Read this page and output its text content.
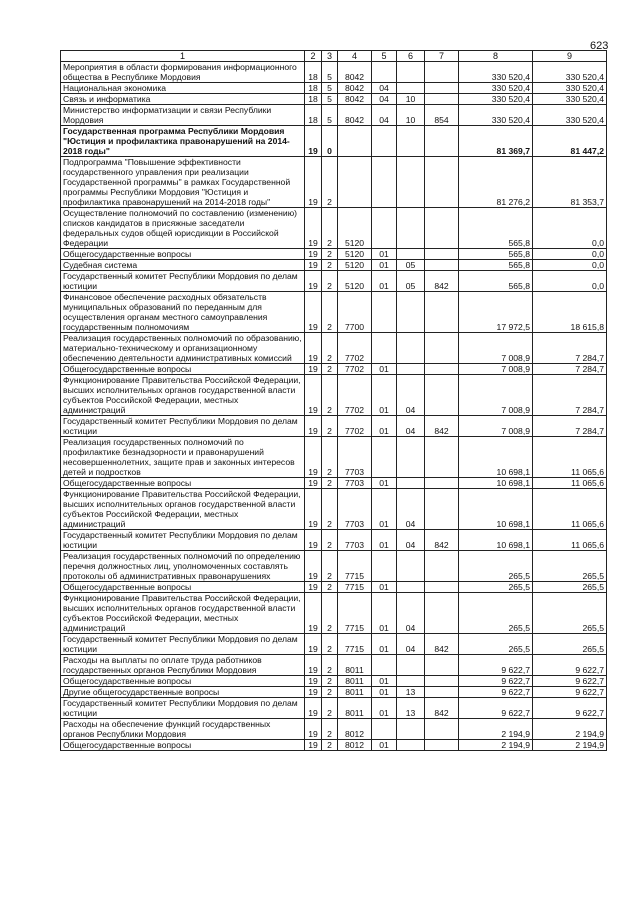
623
1	2	3	4	5	6	7	8	9
Мероприятия в области формирования информационного общества в Республике Мордовия	18	5	8042				330 520,4	330 520,4
Национальная экономика	18	5	8042	04			330 520,4	330 520,4
Связь и информатика	18	5	8042	04	10		330 520,4	330 520,4
Министерство информатизации и связи Республики Мордовия	18	5	8042	04	10	854	330 520,4	330 520,4
Государственная программа Республики Мордовия "Юстиция и профилактика правонарушений на 2014-2018 годы"	19	0					81 369,7	81 447,2
Подпрограмма "Повышение эффективности государственного управления при реализации Государственной программы" в рамках Государственной программы Республики Мордовия "Юстиция и профилактика правонарушений на 2014-2018 годы"	19	2					81 276,2	81 353,7
Осуществление полномочий по составлению (изменению) списков кандидатов в присяжные заседатели федеральных судов общей юрисдикции в Российской Федерации	19	2	5120				565,8	0,0
Общегосударственные вопросы	19	2	5120	01			565,8	0,0
Судебная система	19	2	5120	01	05		565,8	0,0
Государственный комитет Республики Мордовия по делам юстиции	19	2	5120	01	05	842	565,8	0,0
Финансовое обеспечение расходных обязательств муниципальных образований по переданным для осуществления органам местного самоуправления государственным полномочиям	19	2	7700				17 972,5	18 615,8
Реализация государственных полномочий по образованию, материально-техническому и организационному обеспечению деятельности административных комиссий	19	2	7702				7 008,9	7 284,7
Общегосударственные вопросы	19	2	7702	01			7 008,9	7 284,7
Функционирование Правительства Российской Федерации, высших исполнительных органов государственной власти субъектов Российской Федерации, местных администраций	19	2	7702	01	04		7 008,9	7 284,7
Государственный комитет Республики Мордовия по делам юстиции	19	2	7702	01	04	842	7 008,9	7 284,7
Реализация государственных полномочий по профилактике безнадзорности и правонарушений несовершеннолетних, защите прав и законных интересов детей и подростков	19	2	7703				10 698,1	11 065,6
Общегосударственные вопросы	19	2	7703	01			10 698,1	11 065,6
Функционирование Правительства Российской Федерации, высших исполнительных органов государственной власти субъектов Российской Федерации, местных администраций	19	2	7703	01	04		10 698,1	11 065,6
Государственный комитет Республики Мордовия по делам юстиции	19	2	7703	01	04	842	10 698,1	11 065,6
Реализация государственных полномочий по определению перечня должностных лиц, уполномоченных составлять протоколы об административных правонарушениях	19	2	7715				265,5	265,5
Общегосударственные вопросы	19	2	7715	01			265,5	265,5
Функционирование Правительства Российской Федерации, высших исполнительных органов государственной власти субъектов Российской Федерации, местных администраций	19	2	7715	01	04		265,5	265,5
Государственный комитет Республики Мордовия по делам юстиции	19	2	7715	01	04	842	265,5	265,5
Расходы на выплаты по оплате труда работников государственных органов Республики Мордовия	19	2	8011				9 622,7	9 622,7
Общегосударственные вопросы	19	2	8011	01			9 622,7	9 622,7
Другие общегосударственные вопросы	19	2	8011	01	13		9 622,7	9 622,7
Государственный комитет Республики Мордовия по делам юстиции	19	2	8011	01	13	842	9 622,7	9 622,7
Расходы на обеспечение функций государственных органов Республики Мордовия	19	2	8012				2 194,9	2 194,9
Общегосударственные вопросы	19	2	8012	01			2 194,9	2 194,9
